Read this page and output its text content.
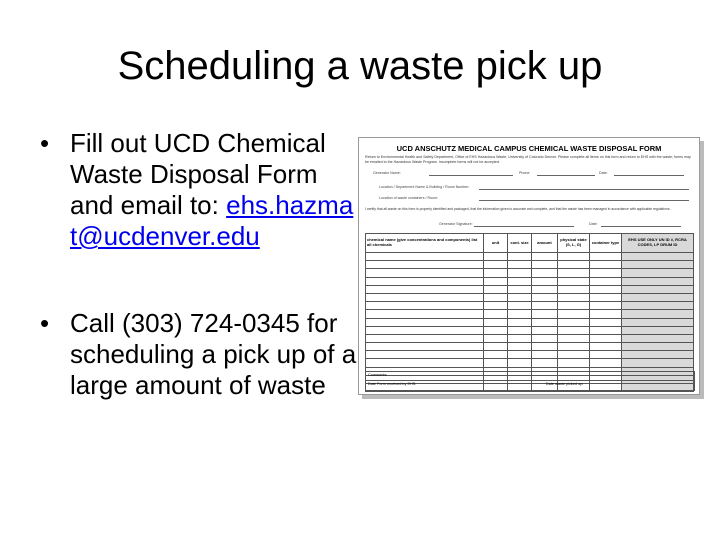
Scheduling a waste pick up
• Fill out UCD Chemical Waste Disposal Form and email to: ehs.hazmat@ucdenver.edu
• Call (303) 724-0345 for scheduling a pick up of a large amount of waste
UCD ANSCHUTZ MEDICAL CAMPUS CHEMICAL WASTE DISPOSAL FORM
Return to Environmental Health and Safety Department, Office of EHS Hazardous Waste, University of Colorado Denver. Please complete all items on this form and return to EHS with the waste; forms may be emailed to the Hazardous Waste Program. Incomplete forms will not be accepted.
Generator Name:	Phone:	Date:
Location / Department Name & Building / Room Number:
Location of waste containers / Room:
I certify that all waste on this form is properly identified and packaged, that the information given is accurate and complete, and that the waste has been managed in accordance with applicable regulations.
Generator Signature:	Date:
chemical name (give concentrations and components) list all chemicals	unit	cont. size	amount	physical state (S, L, G)	container type	EHS USE ONLY UN ID #, RCRA CODES, LP DRUM ID

Comments:
Date Form received by EHS:	Date waste picked up:
